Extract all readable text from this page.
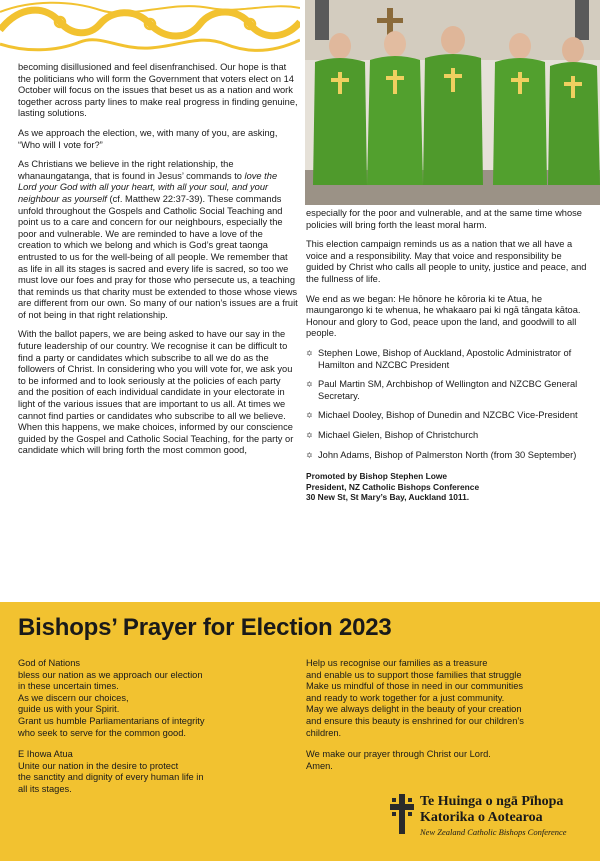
becoming disillusioned and feel disenfranchised. Our hope is that the politicians who will form the Government that voters elect on 14 October will focus on the issues that beset us as a nation and work together across party lines to make real progress in finding genuine, lasting solutions.

As we approach the election, we, with many of you, are asking, “Who will I vote for?”

As Christians we believe in the right relationship, the whanaungatanga, that is found in Jesus’ commands to love the Lord your God with all your heart, with all your soul, and your neighbour as yourself (cf. Matthew 22:37-39). These commands unfold throughout the Gospels and Catholic Social Teaching and point us to a care and concern for our neighbours, especially the poor and vulnerable. We are reminded to have a love of the creation to which we belong and which is God’s great taonga entrusted to us for the well-being of all people. We remember that as life in all its stages is sacred and every life is sacred, so too we must love our foes and pray for those who persecute us, a teaching that reminds us that charity must be extended to those whose views are different from our own. So many of our nation’s issues are a fruit of not being in that right relationship.

With the ballot papers, we are being asked to have our say in the future leadership of our country. We recognise it can be difficult to find a party or candidates which subscribe to all we do as the followers of Christ. In considering who you will vote for, we ask you to be informed and to look seriously at the policies of each party and the position of each individual candidate in your electorate in light of the various issues that are important to us all. At times we cannot find parties or candidates who subscribe to all we believe. When this happens, we make choices, informed by our conscience guided by the Gospel and Catholic Social Teaching, for the party or candidate which will bring forth the most common good,

especially for the poor and vulnerable, and at the same time whose policies will bring forth the least moral harm.

This election campaign reminds us as a nation that we all have a voice and a responsibility. May that voice and responsibility be guided by Christ who calls all people to unity, justice and peace, and the fullness of life.

We end as we began: He hōnore he kōroria ki te Atua, he maungarongo ki te whenua, he whakaaro pai ki ngā tāngata kātoa. Honour and glory to God, peace upon the land, and goodwill to all people.

✡ Stephen Lowe, Bishop of Auckland, Apostolic Administrator of Hamilton and NZCBC President
✡ Paul Martin SM, Archbishop of Wellington and NZCBC General Secretary.
✡ Michael Dooley, Bishop of Dunedin and NZCBC Vice-President
✡ Michael Gielen, Bishop of Christchurch
✡ John Adams, Bishop of Palmerston North (from 30 September)
Promoted by Bishop Stephen Lowe
President, NZ Catholic Bishops Conference
30 New St, St Mary’s Bay, Auckland 1011.
Bishops’ Prayer for Election 2023

God of Nations
bless our nation as we approach our election
in these uncertain times.
As we discern our choices,
guide us with your Spirit.
Grant us humble Parliamentarians of integrity
who seek to serve for the common good.

E Ihowa Atua
Unite our nation in the desire to protect
the sanctity and dignity of every human life in
all its stages.

Help us recognise our families as a treasure
and enable us to support those families that struggle
Make us mindful of those in need in our communities
and ready to work together for a just community.
May we always delight in the beauty of your creation
and ensure this beauty is enshrined for our children’s
children.

We make our prayer through Christ our Lord.
Amen.

Te Huinga o ngā Pīhopa
Katorika o Aotearoa
New Zealand Catholic Bishops Conference
